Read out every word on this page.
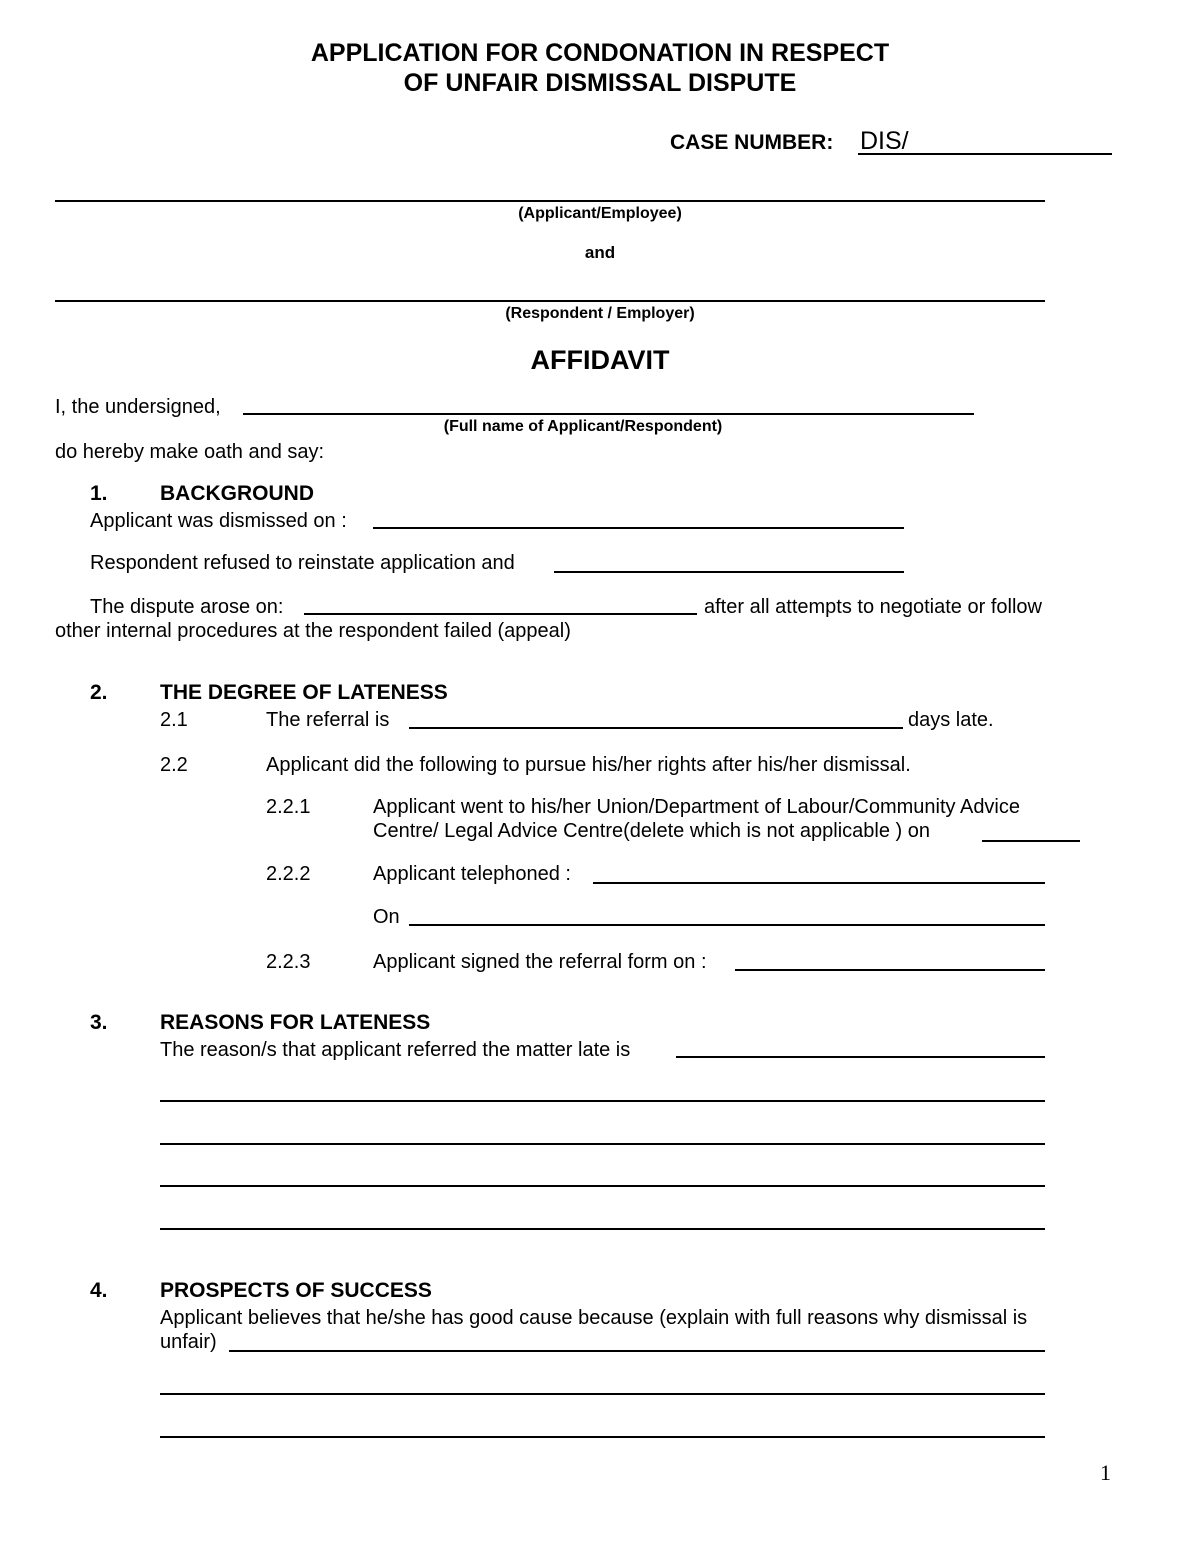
APPLICATION FOR CONDONATION IN RESPECT
OF UNFAIR DISMISSAL DISPUTE
CASE NUMBER: DIS/
(Applicant/Employee)
and
(Respondent / Employer)
AFFIDAVIT
I, the undersigned,
(Full name of Applicant/Respondent)
do hereby make oath and say:
1. BACKGROUND
Applicant was dismissed on :
Respondent refused to reinstate application and
The dispute arose on:	after all attempts to negotiate or follow
other internal procedures at the respondent failed (appeal)
2. THE DEGREE OF LATENESS
2.1	The referral is	days late.
2.2	Applicant did the following to pursue his/her rights after his/her dismissal.
2.2.1	Applicant went to his/her Union/Department of Labour/Community Advice
Centre/ Legal Advice Centre(delete which is not applicable ) on
2.2.2	Applicant telephoned :
On
2.2.3	Applicant signed the referral form on :
3. REASONS FOR LATENESS
The reason/s that applicant referred the matter late is
4. PROSPECTS OF SUCCESS
Applicant believes that he/she has good cause because (explain with full reasons why dismissal is
unfair)
1
